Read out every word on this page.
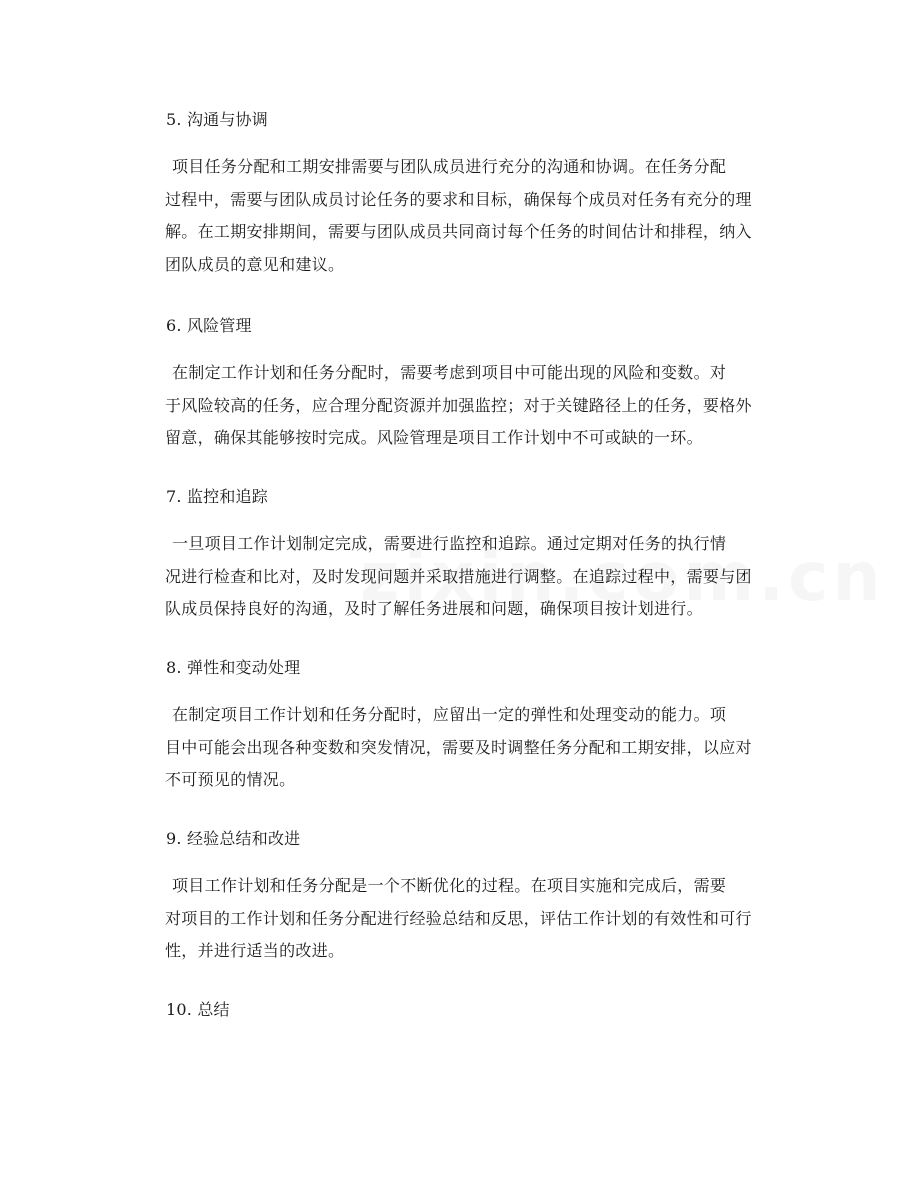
5. 沟通与协调
项目任务分配和工期安排需要与团队成员进行充分的沟通和协调。在任务分配
过程中，需要与团队成员讨论任务的要求和目标，确保每个成员对任务有充分的理
解。在工期安排期间，需要与团队成员共同商讨每个任务的时间估计和排程，纳入
团队成员的意见和建议。
6. 风险管理
在制定工作计划和任务分配时，需要考虑到项目中可能出现的风险和变数。对
于风险较高的任务，应合理分配资源并加强监控；对于关键路径上的任务，要格外
留意，确保其能够按时完成。风险管理是项目工作计划中不可或缺的一环。
7. 监控和追踪
一旦项目工作计划制定完成，需要进行监控和追踪。通过定期对任务的执行情
况进行检查和比对，及时发现问题并采取措施进行调整。在追踪过程中，需要与团
队成员保持良好的沟通，及时了解任务进展和问题，确保项目按计划进行。
8. 弹性和变动处理
在制定项目工作计划和任务分配时，应留出一定的弹性和处理变动的能力。项
目中可能会出现各种变数和突发情况，需要及时调整任务分配和工期安排，以应对
不可预见的情况。
9. 经验总结和改进
项目工作计划和任务分配是一个不断优化的过程。在项目实施和完成后，需要
对项目的工作计划和任务分配进行经验总结和反思，评估工作计划的有效性和可行
性，并进行适当的改进。
10. 总结
